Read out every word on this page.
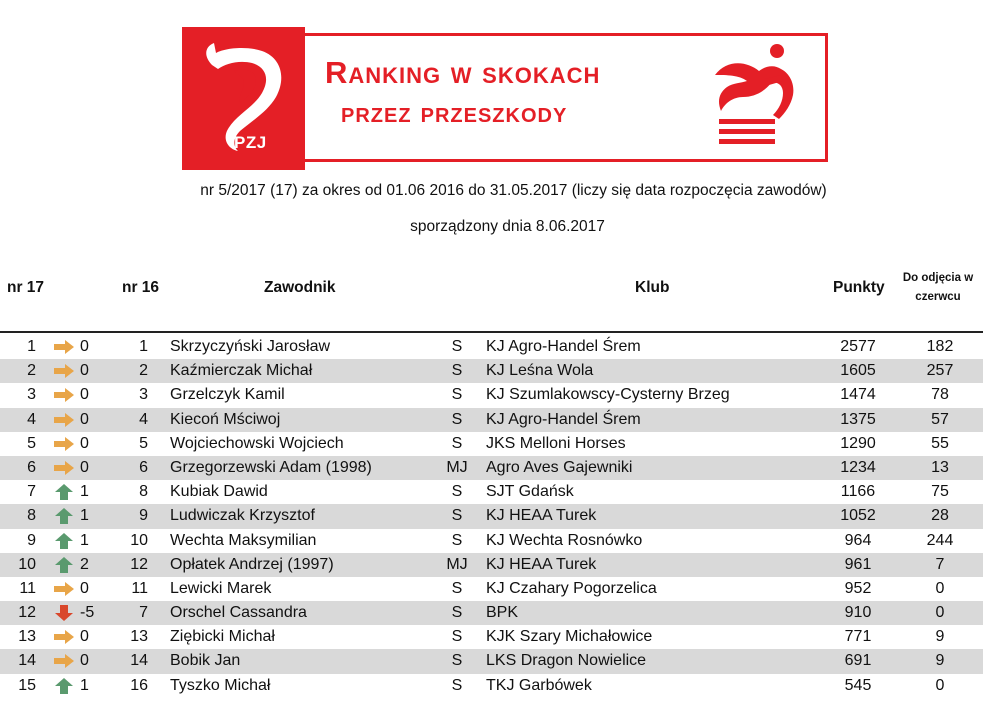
PZJ
Ranking w skokach
przez przeszkody
nr 5/2017 (17) za okres od 01.06 2016 do 31.05.2017 (liczy się data rozpoczęcia zawodów)
sporządzony dnia 8.06.2017
nr 17	nr 16	Zawodnik	Klub	Punkty
Do odjęcia w
czerwcu
1	0	1 Skrzyczyński Jarosław	S	KJ Agro-Handel Śrem	2577	182
2	0	2 Kaźmierczak Michał	S	KJ Leśna Wola	1605	257
3	0	3 Grzelczyk Kamil	S	KJ Szumlakowscy-Cysterny Brzeg	1474	78
4	0	4 Kiecoń Mściwoj	S	KJ Agro-Handel Śrem	1375	57
5	0	5 Wojciechowski Wojciech	S	JKS Melloni Horses	1290	55
6	0	6 Grzegorzewski Adam (1998)	MJ	Agro Aves Gajewniki	1234	13
7	1	8 Kubiak Dawid	S	SJT Gdańsk	1166	75
8	1	9 Ludwiczak Krzysztof	S	KJ HEAA Turek	1052	28
9	1	10 Wechta Maksymilian	S	KJ Wechta Rosnówko	964	244
10	2	12 Opłatek Andrzej (1997)	MJ	KJ HEAA Turek	961	7
11	0	11 Lewicki Marek	S	KJ Czahary Pogorzelica	952	0
12	-5	7 Orschel Cassandra	S	BPK	910	0
13	0	13 Ziębicki Michał	S	KJK Szary Michałowice	771	9
14	0	14 Bobik Jan	S	LKS Dragon Nowielice	691	9
15	1	16 Tyszko Michał	S	TKJ Garbówek	545	0
